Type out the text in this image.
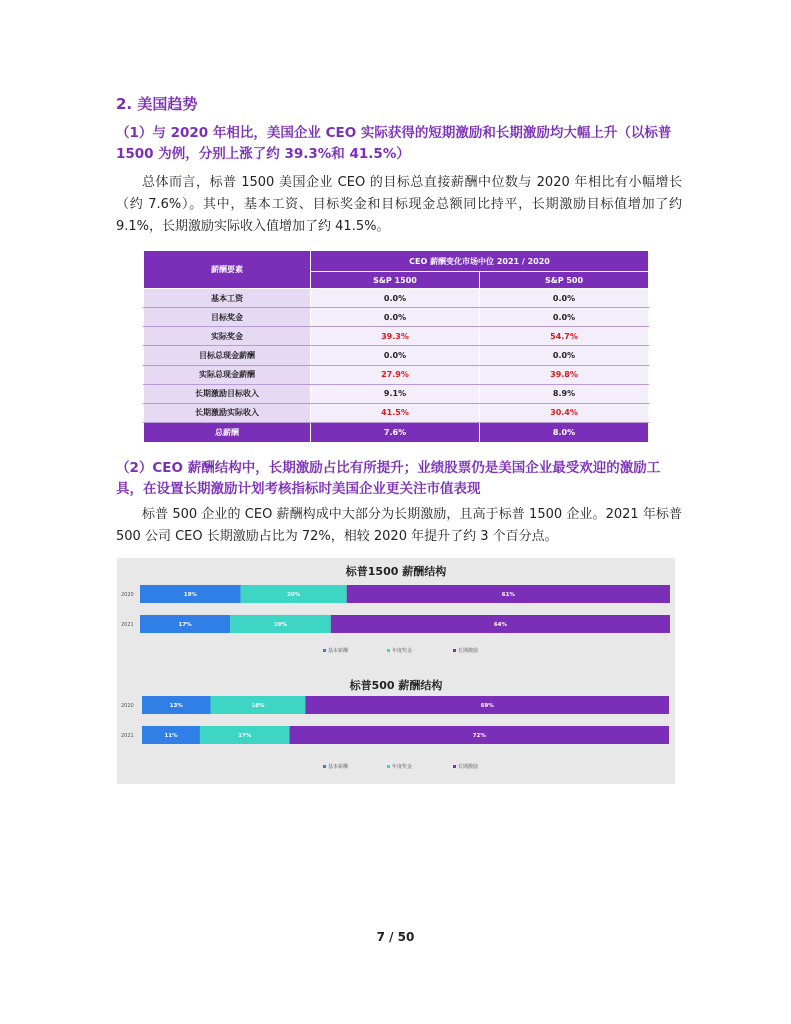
2. 美国趋势
（1）与 2020 年相比，美国企业 CEO 实际获得的短期激励和长期激励均大幅上升（以标普 1500 为例，分别上涨了约 39.3%和 41.5%）
总体而言，标普 1500 美国企业 CEO 的目标总直接薪酬中位数与 2020 年相比有小幅增长（约 7.6%）。其中，基本工资、目标奖金和目标现金总额同比持平，长期激励目标值增加了约 9.1%，长期激励实际收入值增加了约 41.5%。
薪酬要素	CEO 薪酬变化市场中位 2021 / 2020	
	S&P 1500	S&P 500
基本工资	0.0%	0.0%
目标奖金	0.0%	0.0%
实际奖金	39.3%	54.7%
目标总现金薪酬	0.0%	0.0%
实际总现金薪酬	27.9%	39.8%
长期激励目标收入	9.1%	8.9%
长期激励实际收入	41.5%	30.4%
总薪酬	7.6%	8.0%
（2）CEO 薪酬结构中，长期激励占比有所提升；业绩股票仍是美国企业最受欢迎的激励工具，在设置长期激励计划考核指标时美国企业更关注市值表现
标普 500 企业的 CEO 薪酬构成中大部分为长期激励，且高于标普 1500 企业。2021 年标普 500 公司 CEO 长期激励占比为 72%，相较 2020 年提升了约 3 个百分点。
标普1500 薪酬结构
2020	19%	20%	61%
2021	17%	19%	64%
基本薪酬	年度奖金	长期激励
标普500 薪酬结构
2020	13%	18%	69%
2021	11%	17%	72%
基本薪酬	年度奖金	长期激励
7 / 50
